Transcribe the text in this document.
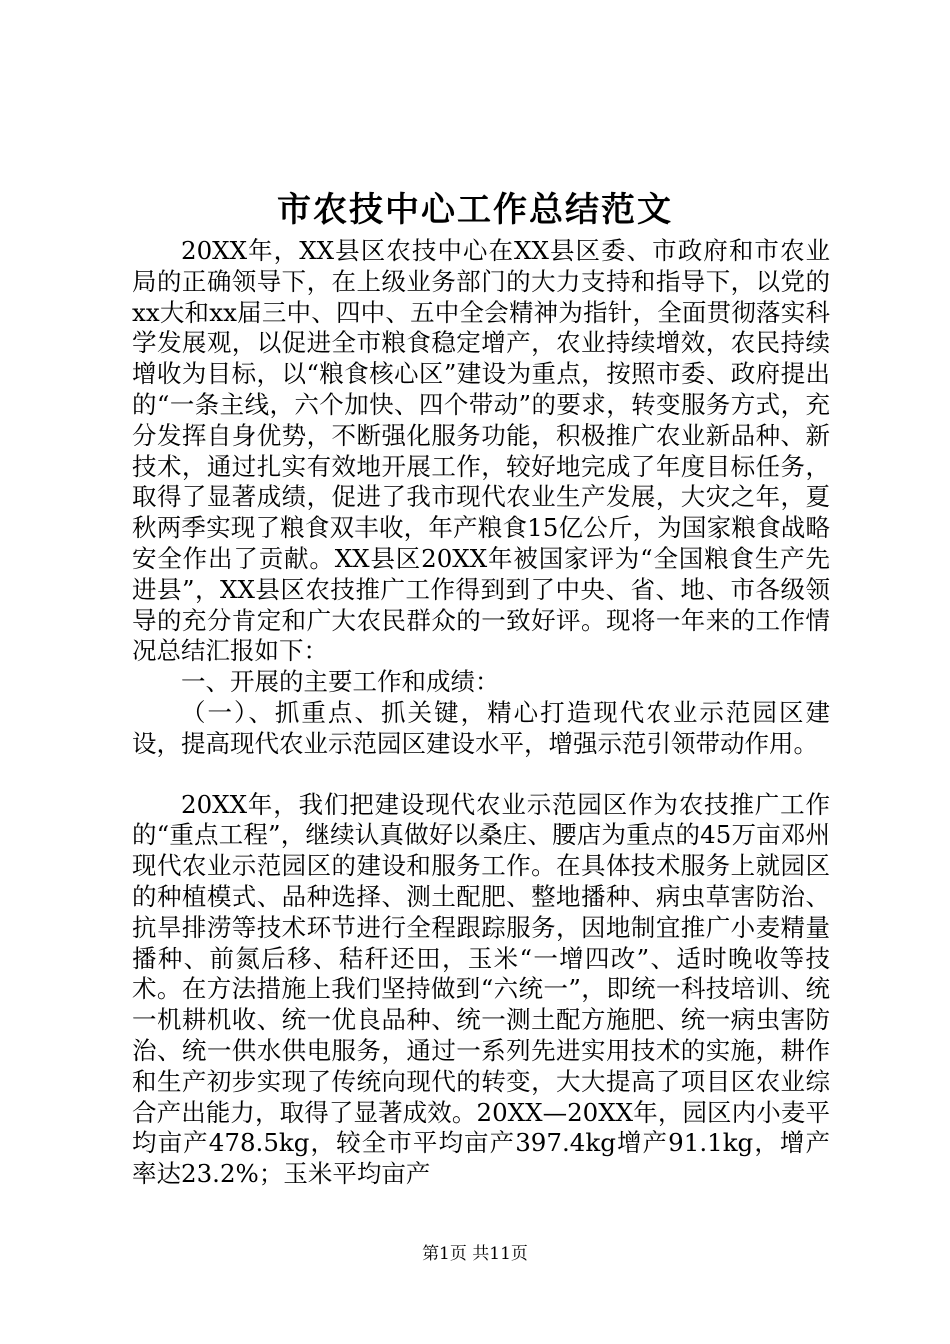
市农技中心工作总结范文

20XX年，XX县区农技中心在XX县区委、市政府和市农业局的正确领导下，在上级业务部门的大力支持和指导下，以党的xx大和xx届三中、四中、五中全会精神为指针，全面贯彻落实科学发展观，以促进全市粮食稳定增产，农业持续增效，农民持续增收为目标，以“粮食核心区”建设为重点，按照市委、政府提出的“一条主线，六个加快、四个带动”的要求，转变服务方式，充分发挥自身优势，不断强化服务功能，积极推广农业新品种、新技术，通过扎实有效地开展工作，较好地完成了年度目标任务，取得了显著成绩，促进了我市现代农业生产发展，大灾之年，夏秋两季实现了粮食双丰收，年产粮食15亿公斤，为国家粮食战略安全作出了贡献。XX县区20XX年被国家评为“全国粮食生产先进县”，XX县区农技推广工作得到到了中央、省、地、市各级领导的充分肯定和广大农民群众的一致好评。现将一年来的工作情况总结汇报如下：

一、开展的主要工作和成绩：

（一）、抓重点、抓关键，精心打造现代农业示范园区建设，提高现代农业示范园区建设水平，增强示范引领带动作用。

20XX年，我们把建设现代农业示范园区作为农技推广工作的“重点工程”，继续认真做好以桑庄、腰店为重点的45万亩邓州现代农业示范园区的建设和服务工作。在具体技术服务上就园区的种植模式、品种选择、测土配肥、整地播种、病虫草害防治、抗旱排涝等技术环节进行全程跟踪服务，因地制宜推广小麦精量播种、前氮后移、秸秆还田，玉米“一增四改”、适时晚收等技术。在方法措施上我们坚持做到“六统一”，即统一科技培训、统一机耕机收、统一优良品种、统一测土配方施肥、统一病虫害防治、统一供水供电服务，通过一系列先进实用技术的实施，耕作和生产初步实现了传统向现代的转变，大大提高了项目区农业综合产出能力，取得了显著成效。20XX—20XX年，园区内小麦平均亩产478.5kg，较全市平均亩产397.4kg增产91.1kg，增产率达23.2%；玉米平均亩产

第1页 共11页
